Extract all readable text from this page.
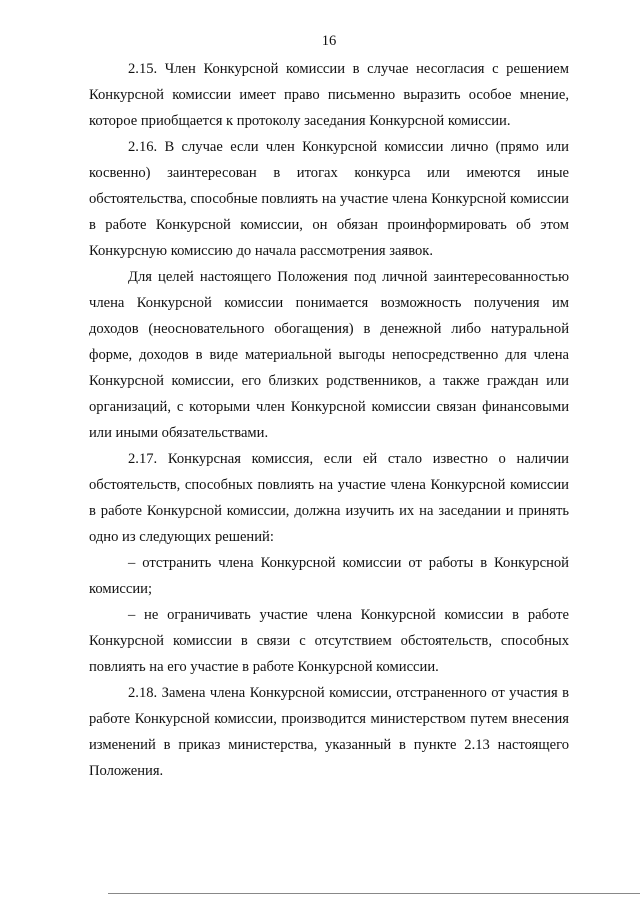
16

2.15. Член Конкурсной комиссии в случае несогласия с решением Конкурсной комиссии имеет право письменно выразить особое мнение, которое приобщается к протоколу заседания Конкурсной комиссии.

2.16. В случае если член Конкурсной комиссии лично (прямо или косвенно) заинтересован в итогах конкурса или имеются иные обстоятельства, способные повлиять на участие члена Конкурсной комиссии в работе Конкурсной комиссии, он обязан проинформировать об этом Конкурсную комиссию до начала рассмотрения заявок.

Для целей настоящего Положения под личной заинтересованностью члена Конкурсной комиссии понимается возможность получения им доходов (неосновательного обогащения) в денежной либо натуральной форме, доходов в виде материальной выгоды непосредственно для члена Конкурсной комиссии, его близких родственников, а также граждан или организаций, с которыми член Конкурсной комиссии связан финансовыми или иными обязательствами.

2.17. Конкурсная комиссия, если ей стало известно о наличии обстоятельств, способных повлиять на участие члена Конкурсной комиссии в работе Конкурсной комиссии, должна изучить их на заседании и принять одно из следующих решений:

– отстранить члена Конкурсной комиссии от работы в Конкурсной комиссии;

– не ограничивать участие члена Конкурсной комиссии в работе Конкурсной комиссии в связи с отсутствием обстоятельств, способных повлиять на его участие в работе Конкурсной комиссии.

2.18. Замена члена Конкурсной комиссии, отстраненного от участия в работе Конкурсной комиссии, производится министерством путем внесения изменений в приказ министерства, указанный в пункте 2.13 настоящего Положения.
